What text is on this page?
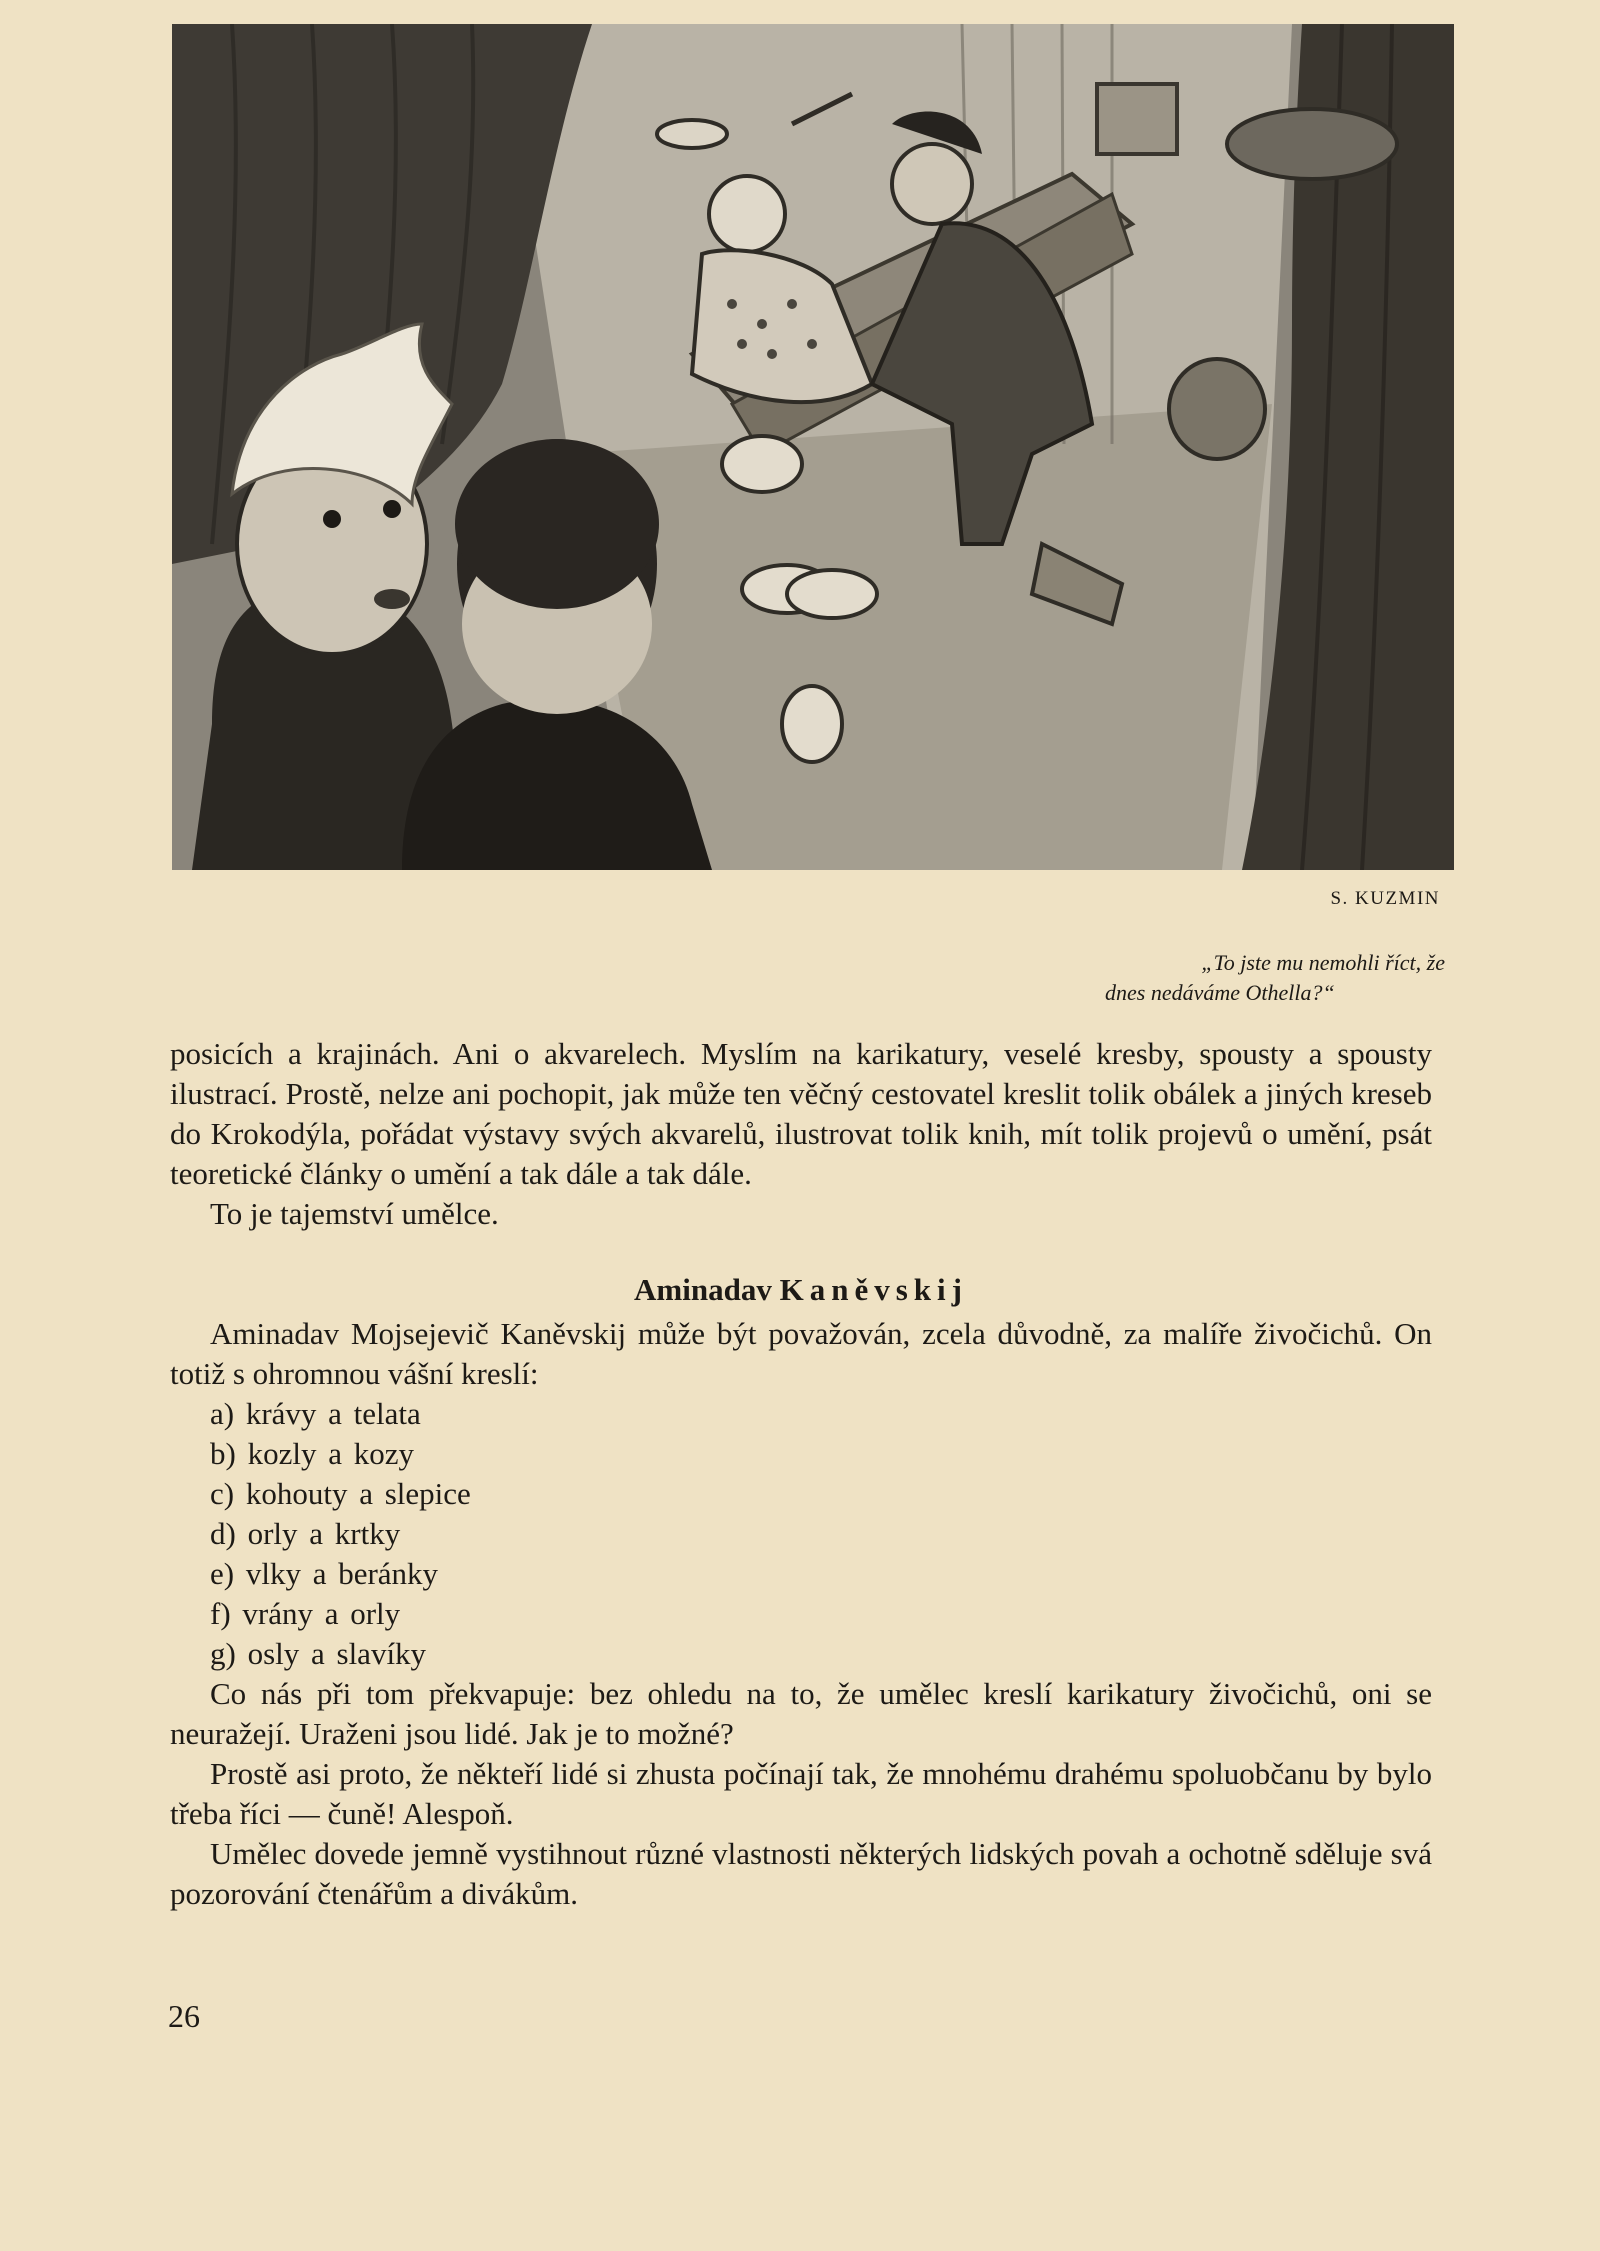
S. KUZMIN
„To jste mu nemohli říct, že
dnes nedáváme Othella?“

posicích a krajinách. Ani o akvarelech. Myslím na karikatury, veselé kresby, spousty a spousty ilustrací. Prostě, nelze ani pochopit, jak může ten věčný cestovatel kreslit tolik obálek a jiných kreseb do Krokodýla, pořádat výstavy svých akvarelů, ilustrovat tolik knih, mít tolik projevů o umění, psát teoretické články o umění a tak dále a tak dále.

To je tajemství umělce.

Aminadav Kaněvskij

Aminadav Mojsejevič Kaněvskij může být považován, zcela důvodně, za malíře živočichů. On totiž s ohromnou vášní kreslí:

a) krávy a telata
b) kozly a kozy
c) kohouty a slepice
d) orly a krtky
e) vlky a beránky
f) vrány a orly
g) osly a slavíky

Co nás při tom překvapuje: bez ohledu na to, že umělec kreslí karikatury živočichů, oni se neuražejí. Uraženi jsou lidé. Jak je to možné?

Prostě asi proto, že někteří lidé si zhusta počínají tak, že mnohému drahému spoluobčanu by bylo třeba říci — čuně! Alespoň.

Umělec dovede jemně vystihnout různé vlastnosti některých lidských povah a ochotně sděluje svá pozorování čtenářům a divákům.

26
